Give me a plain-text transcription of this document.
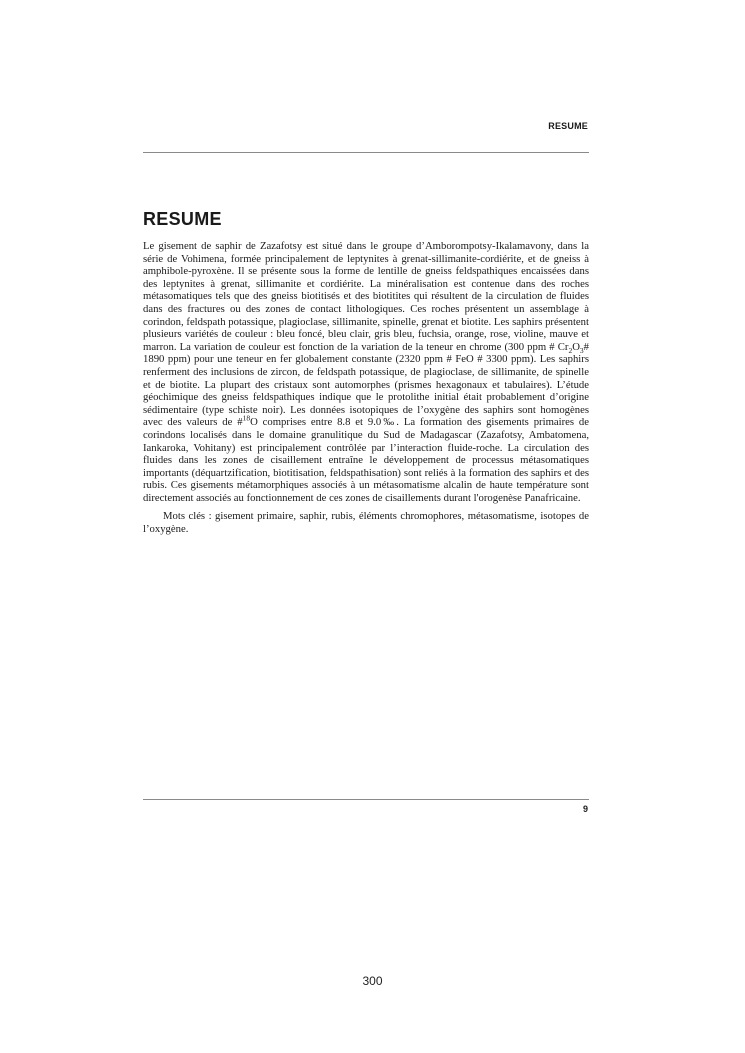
RESUME
RESUME

Le gisement de saphir de Zazafotsy est situé dans le groupe d’Amborompotsy-Ikalamavony, dans la série de Vohimena, formée principalement de leptynites à grenat-sillimanite-cordiérite, et de gneiss à amphibole-pyroxène. Il se présente sous la forme de lentille de gneiss feldspathiques encaissées dans des leptynites à grenat, sillimanite et cordiérite. La minéralisation est contenue dans des roches métasomatiques tels que des gneiss biotitisés et des biotitites qui résultent de la circulation de fluides dans des fractures ou des zones de contact lithologiques. Ces roches présentent un assemblage à corindon, feldspath potassique, plagioclase, sillimanite, spinelle, grenat et biotite. Les saphirs présentent plusieurs variétés de couleur : bleu foncé, bleu clair, gris bleu, fuchsia, orange, rose, violine, mauve et marron. La variation de couleur est fonction de la variation de la teneur en chrome (300 ppm # $Cr_2O_3\#$ 1890 ppm) pour une teneur en fer globalement constante (2320 ppm # FeO # 3300 ppm). Les saphirs renferment des inclusions de zircon, de feldspath potassique, de plagioclase, de sillimanite, de spinelle et de biotite. La plupart des cristaux sont automorphes (prismes hexagonaux et tabulaires). L’étude géochimique des gneiss feldspathiques indique que le protolithe initial était probablement d’origine sédimentaire (type schiste noir). Les données isotopiques de l’oxygène des saphirs sont homogènes avec des valeurs de #$^{18}$O comprises entre 8.8 et 9.0‰. La formation des gisements primaires de corindons localisés dans le domaine granulitique du Sud de Madagascar (Zazafotsy, Ambatomena, Iankaroka, Vohitany) est principalement contrôlée par l’interaction fluide-roche. La circulation des fluides dans les zones de cisaillement entraîne le développement de processus métasomatiques importants (déquartzification, biotitisation, feldspathisation) sont reliés à la formation des saphirs et des rubis. Ces gisements métamorphiques associés à un métasomatisme alcalin de haute température sont directement associés au fonctionnement de ces zones de cisaillements durant l'orogenèse Panafricaine.

Mots clés : gisement primaire, saphir, rubis, éléments chromophores, métasomatisme, isotopes de l’oxygène.

9
300
